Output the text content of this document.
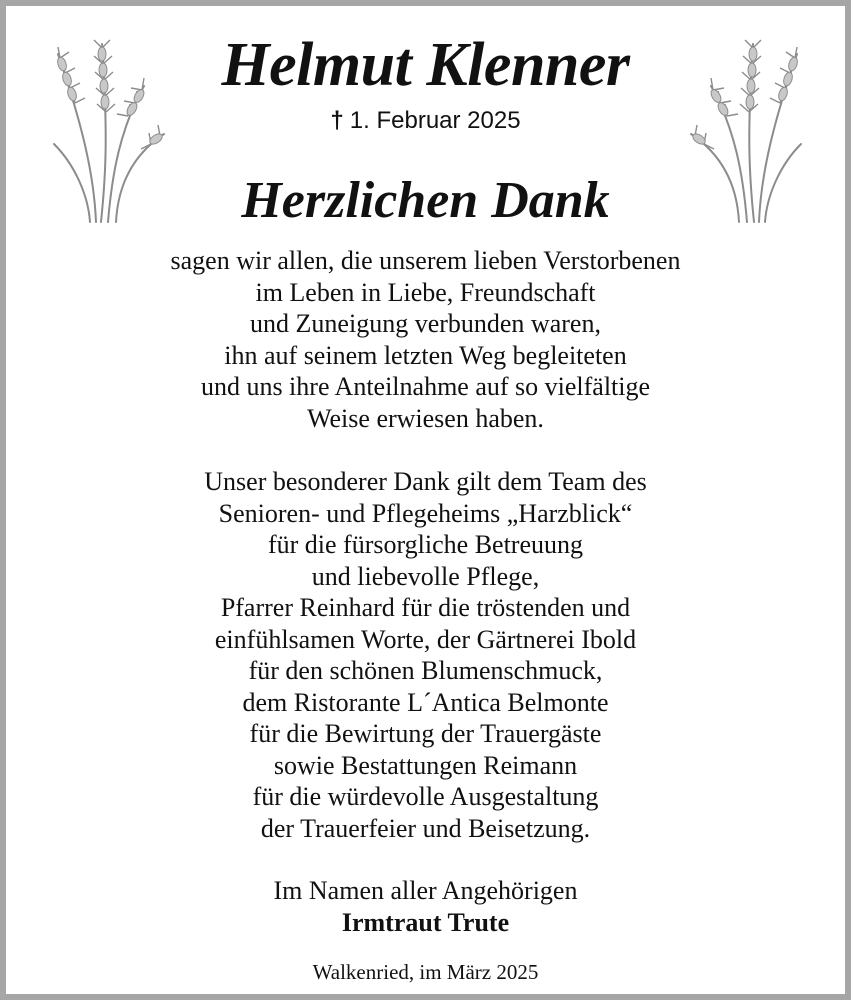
Helmut Klenner
† 1. Februar 2025
Herzlichen Dank
sagen wir allen, die unserem lieben Verstorbenen
im Leben in Liebe, Freundschaft
und Zuneigung verbunden waren,
ihn auf seinem letzten Weg begleiteten
und uns ihre Anteilnahme auf so vielfältige
Weise erwiesen haben.
Unser besonderer Dank gilt dem Team des
Senioren- und Pflegeheims „Harzblick“
für die fürsorgliche Betreuung
und liebevolle Pflege,
Pfarrer Reinhard für die tröstenden und
einfühlsamen Worte, der Gärtnerei Ibold
für den schönen Blumenschmuck,
dem Ristorante L´Antica Belmonte
für die Bewirtung der Trauergäste
sowie Bestattungen Reimann
für die würdevolle Ausgestaltung
der Trauerfeier und Beisetzung.
Im Namen aller Angehörigen
Irmtraut Trute
Walkenried, im März 2025
